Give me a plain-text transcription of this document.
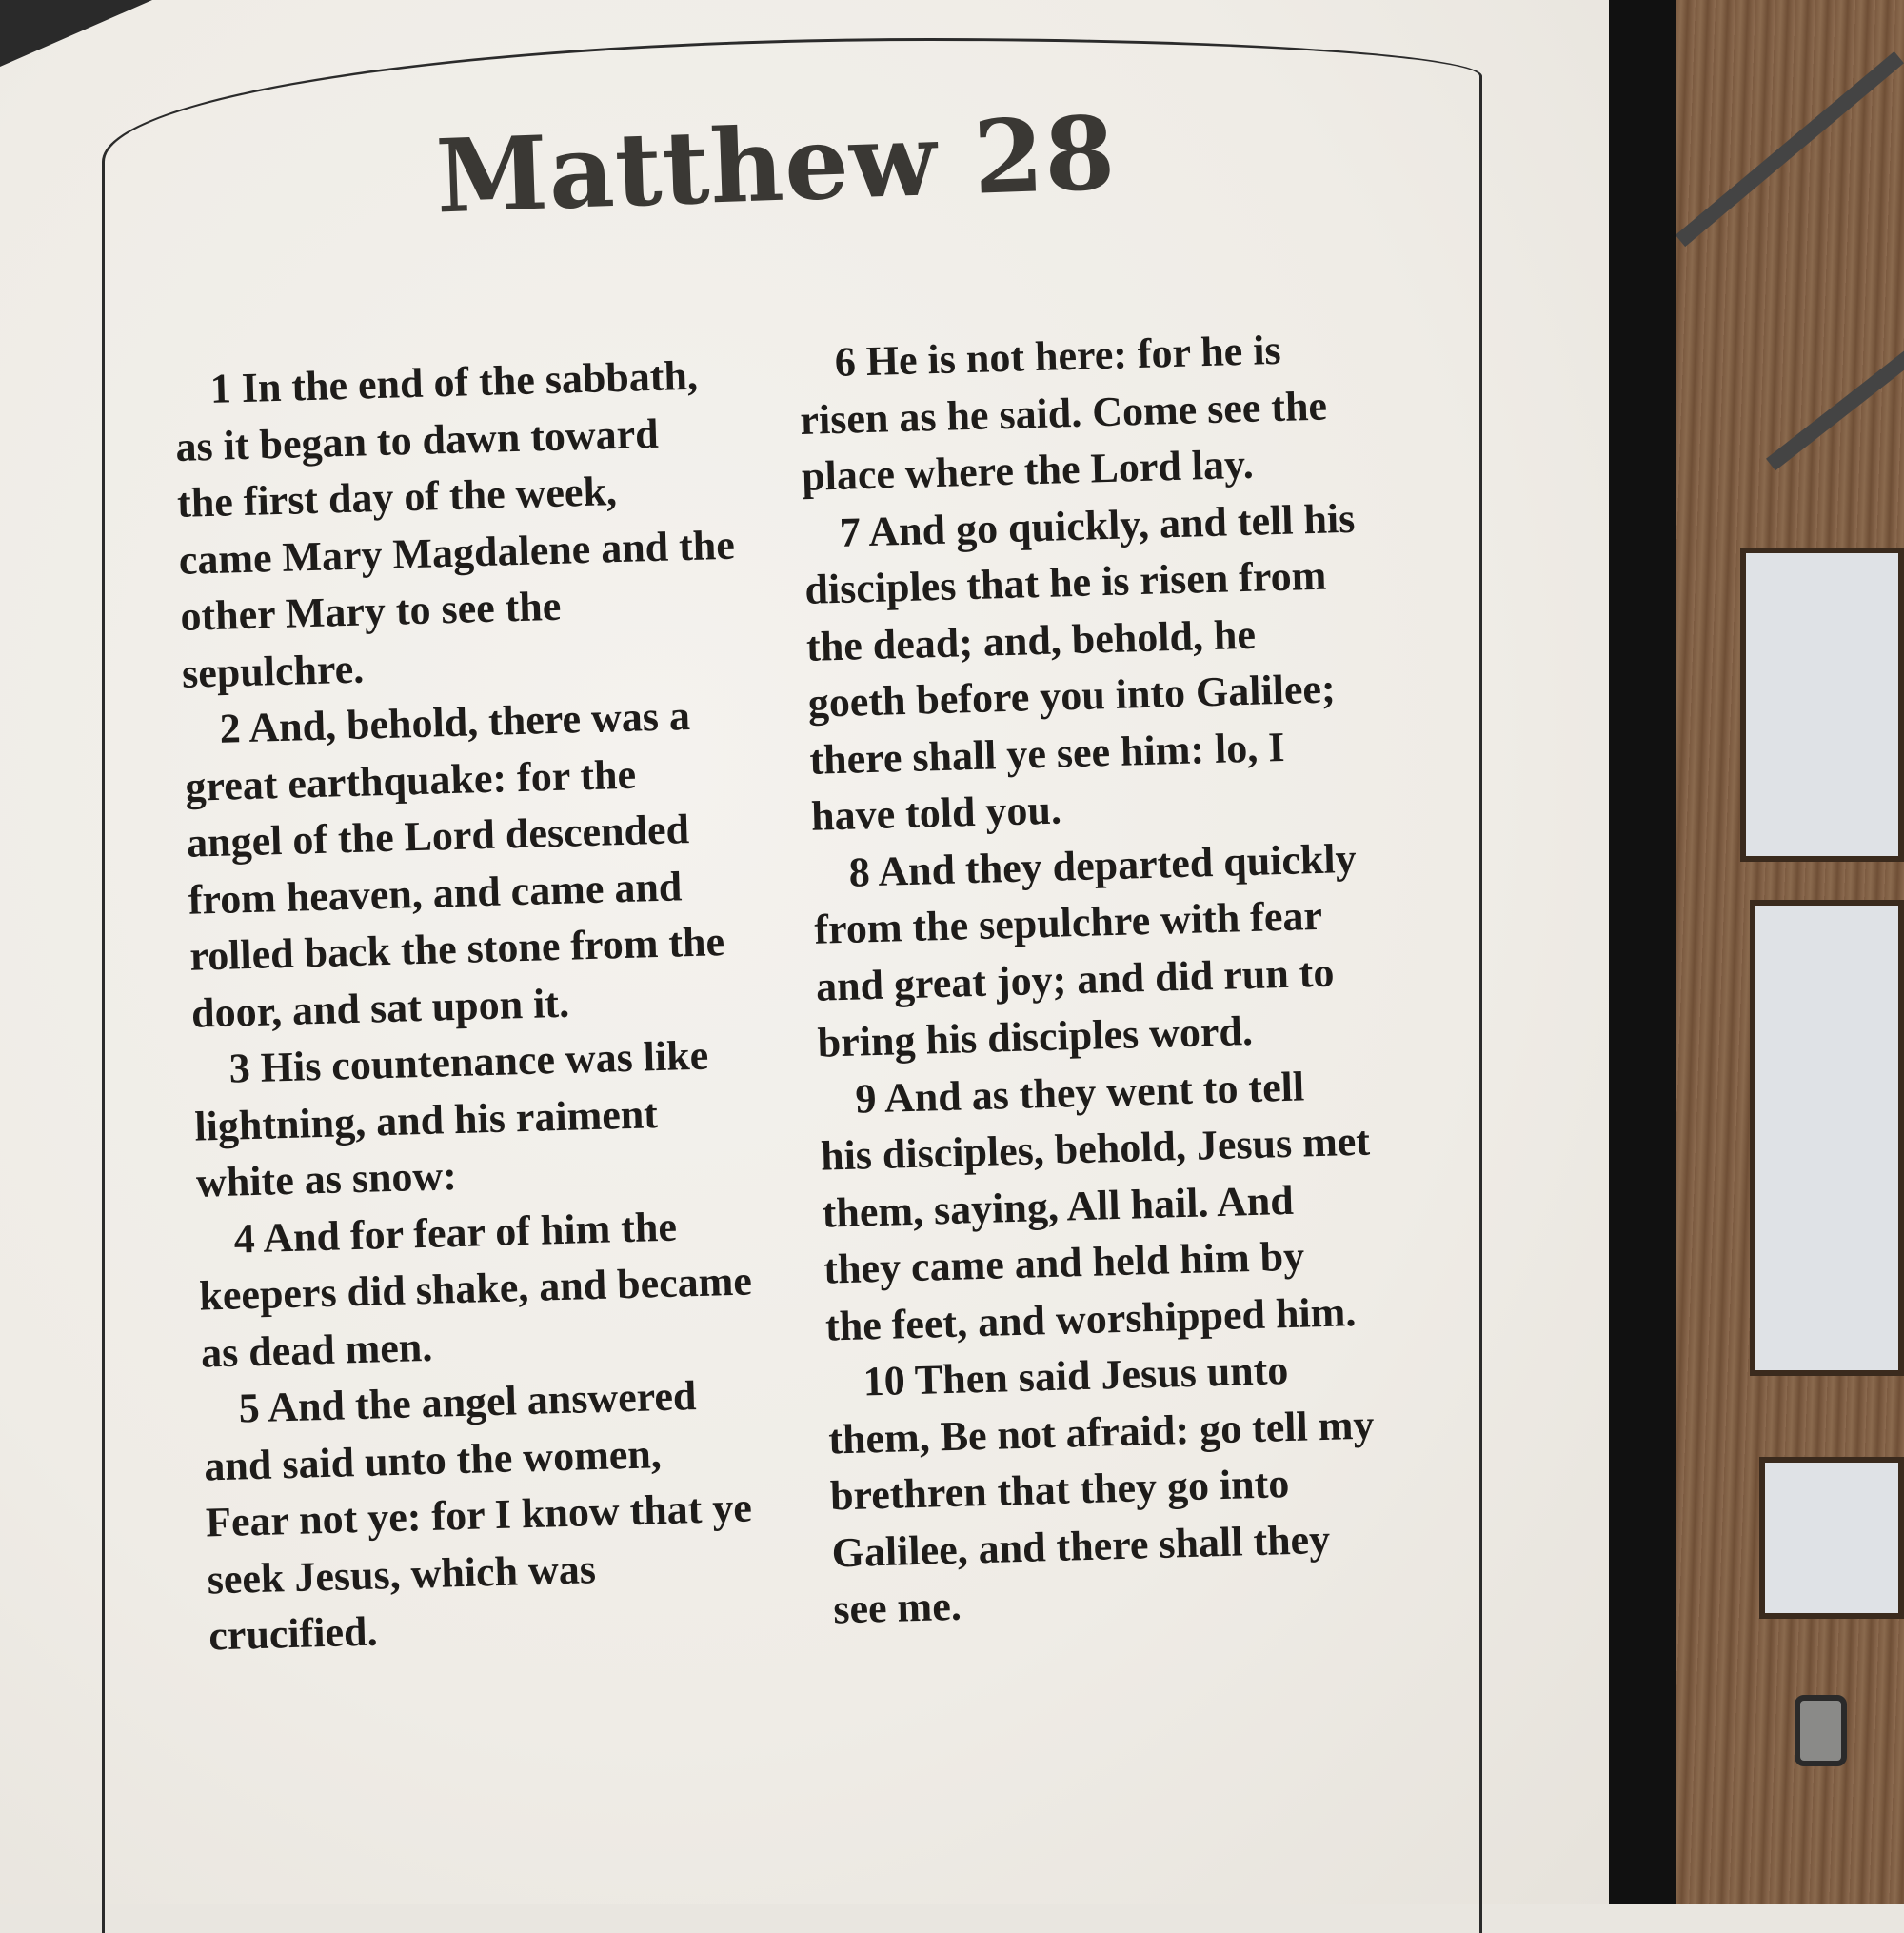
Matthew 28

1 In the end of the sabbath,
as it began to dawn toward
the first day of the week,
came Mary Magdalene and the
other Mary to see the
sepulchre.

2 And, behold, there was a
great earthquake: for the
angel of the Lord descended
from heaven, and came and
rolled back the stone from the
door, and sat upon it.

3 His countenance was like
lightning, and his raiment
white as snow:

4 And for fear of him the
keepers did shake, and became
as dead men.

5 And the angel answered
and said unto the women,
Fear not ye: for I know that ye
seek Jesus, which was
crucified.

6 He is not here: for he is
risen as he said. Come see the
place where the Lord lay.

7 And go quickly, and tell his
disciples that he is risen from
the dead; and, behold, he
goeth before you into Galilee;
there shall ye see him: lo, I
have told you.

8 And they departed quickly
from the sepulchre with fear
and great joy; and did run to
bring his disciples word.

9 And as they went to tell
his disciples, behold, Jesus met
them, saying, All hail. And
they came and held him by
the feet, and worshipped him.

10 Then said Jesus unto
them, Be not afraid: go tell my
brethren that they go into
Galilee, and there shall they
see me.
